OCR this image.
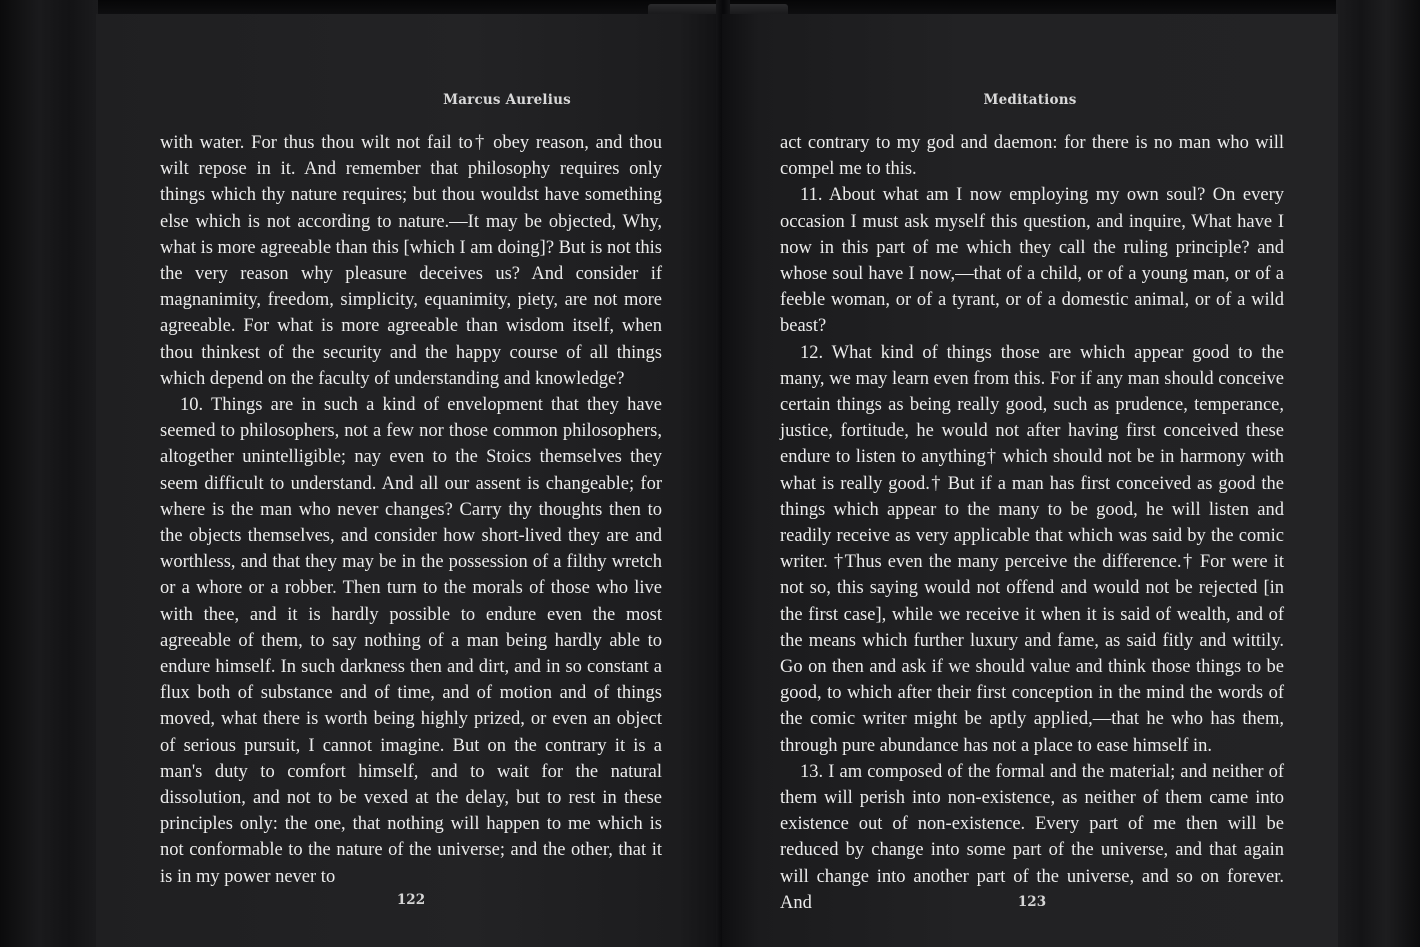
Marcus Aurelius

with water. For thus thou wilt not fail to† obey reason, and thou wilt repose in it. And remember that philosophy requires only things which thy nature requires; but thou wouldst have something else which is not according to nature.—It may be objected, Why, what is more agreeable than this [which I am doing]? But is not this the very reason why pleasure deceives us? And consider if magnanimity, freedom, simplicity, equanimity, piety, are not more agreeable. For what is more agreeable than wisdom itself, when thou thinkest of the security and the happy course of all things which depend on the faculty of understanding and knowledge?

10. Things are in such a kind of envelopment that they have seemed to philosophers, not a few nor those common philosophers, altogether unintelligible; nay even to the Stoics themselves they seem difficult to understand. And all our assent is changeable; for where is the man who never changes? Carry thy thoughts then to the objects themselves, and consider how short-lived they are and worthless, and that they may be in the possession of a filthy wretch or a whore or a robber. Then turn to the morals of those who live with thee, and it is hardly possible to endure even the most agreeable of them, to say nothing of a man being hardly able to endure himself. In such darkness then and dirt, and in so constant a flux both of substance and of time, and of motion and of things moved, what there is worth being highly prized, or even an object of serious pursuit, I cannot imagine. But on the contrary it is a man's duty to comfort himself, and to wait for the natural dissolution, and not to be vexed at the delay, but to rest in these principles only: the one, that nothing will happen to me which is not conformable to the nature of the universe; and the other, that it is in my power never to

122
Meditations

act contrary to my god and daemon: for there is no man who will compel me to this.

11. About what am I now employing my own soul? On every occasion I must ask myself this question, and inquire, What have I now in this part of me which they call the ruling principle? and whose soul have I now,—that of a child, or of a young man, or of a feeble woman, or of a tyrant, or of a domestic animal, or of a wild beast?

12. What kind of things those are which appear good to the many, we may learn even from this. For if any man should conceive certain things as being really good, such as prudence, temperance, justice, fortitude, he would not after having first conceived these endure to listen to anything† which should not be in harmony with what is really good.† But if a man has first conceived as good the things which appear to the many to be good, he will listen and readily receive as very applicable that which was said by the comic writer. †Thus even the many perceive the difference.† For were it not so, this saying would not offend and would not be rejected [in the first case], while we receive it when it is said of wealth, and of the means which further luxury and fame, as said fitly and wittily. Go on then and ask if we should value and think those things to be good, to which after their first conception in the mind the words of the comic writer might be aptly applied,—that he who has them, through pure abundance has not a place to ease himself in.

13. I am composed of the formal and the material; and neither of them will perish into non-existence, as neither of them came into existence out of non-existence. Every part of me then will be reduced by change into some part of the universe, and that again will change into another part of the universe, and so on forever. And	123
